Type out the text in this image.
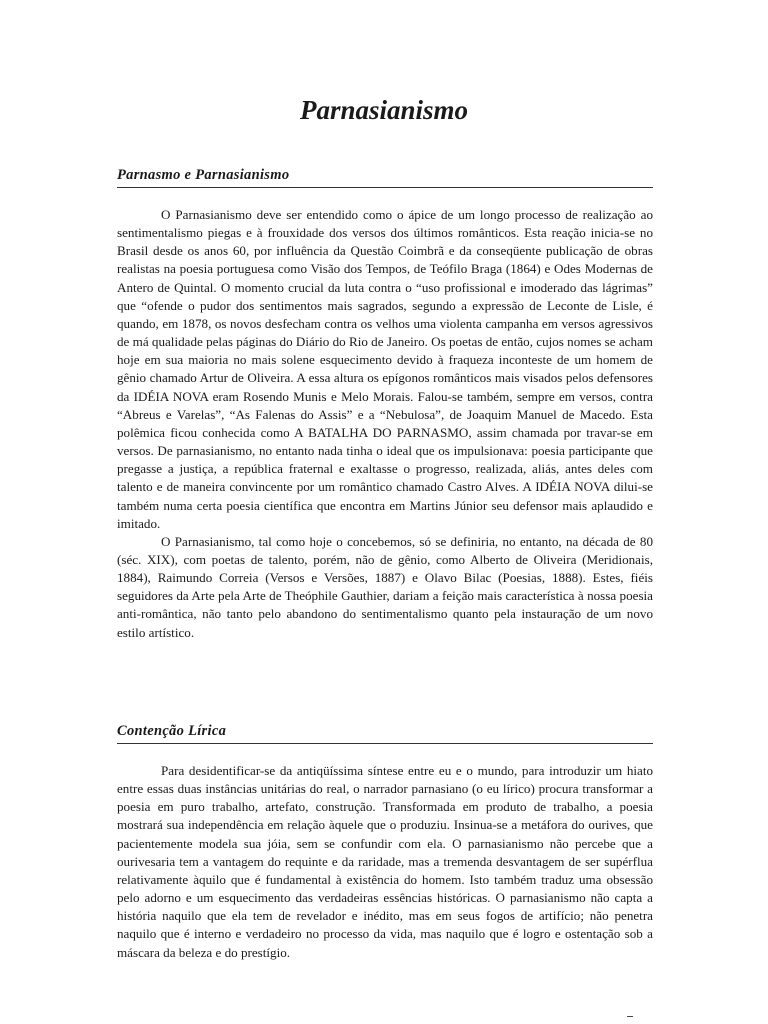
Parnasianismo
Parnasmo e Parnasianismo

O Parnasianismo deve ser entendido como o ápice de um longo processo de realização ao sentimentalismo piegas e à frouxidade dos versos dos últimos românticos. Esta reação inicia-se no Brasil desde os anos 60, por influência da Questão Coimbrã e da conseqüente publicação de obras realistas na poesia portuguesa como Visão dos Tempos, de Teófilo Braga (1864) e Odes Modernas de Antero de Quintal. O momento crucial da luta contra o “uso profissional e imoderado das lágrimas” que “ofende o pudor dos sentimentos mais sagrados, segundo a expressão de Leconte de Lisle, é quando, em 1878, os novos desfecham contra os velhos uma violenta campanha em versos agressivos de má qualidade pelas páginas do Diário do Rio de Janeiro. Os poetas de então, cujos nomes se acham hoje em sua maioria no mais solene esquecimento devido à fraqueza inconteste de um homem de gênio chamado Artur de Oliveira. A essa altura os epígonos românticos mais visados pelos defensores da IDÉIA NOVA eram Rosendo Munis e Melo Morais. Falou-se também, sempre em versos, contra “Abreus e Varelas”, “As Falenas do Assis” e a “Nebulosa”, de Joaquim Manuel de Macedo. Esta polêmica ficou conhecida como A BATALHA DO PARNASMO, assim chamada por travar-se em versos. De parnasianismo, no entanto nada tinha o ideal que os impulsionava: poesia participante que pregasse a justiça, a república fraternal e exaltasse o progresso, realizada, aliás, antes deles com talento e de maneira convincente por um romântico chamado Castro Alves. A IDÉIA NOVA dilui-se também numa certa poesia científica que encontra em Martins Júnior seu defensor mais aplaudido e imitado.

O Parnasianismo, tal como hoje o concebemos, só se definiria, no entanto, na década de 80 (séc. XIX), com poetas de talento, porém, não de gênio, como Alberto de Oliveira (Meridionais, 1884), Raimundo Correia (Versos e Versões, 1887) e Olavo Bilac (Poesias, 1888). Estes, fiéis seguidores da Arte pela Arte de Theóphile Gauthier, dariam a feição mais característica à nossa poesia anti-romântica, não tanto pelo abandono do sentimentalismo quanto pela instauração de um novo estilo artístico.

Contenção Lírica

Para desidentificar-se da antiqüíssima síntese entre eu e o mundo, para introduzir um hiato entre essas duas instâncias unitárias do real, o narrador parnasiano (o eu lírico) procura transformar a poesia em puro trabalho, artefato, construção. Transformada em produto de trabalho, a poesia mostrará sua independência em relação àquele que o produziu. Insinua-se a metáfora do ourives, que pacientemente modela sua jóia, sem se confundir com ela. O parnasianismo não percebe que a ourivesaria tem a vantagem do requinte e da raridade, mas a tremenda desvantagem de ser supérflua relativamente àquilo que é fundamental à existência do homem. Isto também traduz uma obsessão pelo adorno e um esquecimento das verdadeiras essências históricas. O parnasianismo não capta a história naquilo que ela tem de revelador e inédito, mas em seus fogos de artifício; não penetra naquilo que é interno e verdadeiro no processo da vida, mas naquilo que é logro e ostentação sob a máscara da beleza e do prestígio.
